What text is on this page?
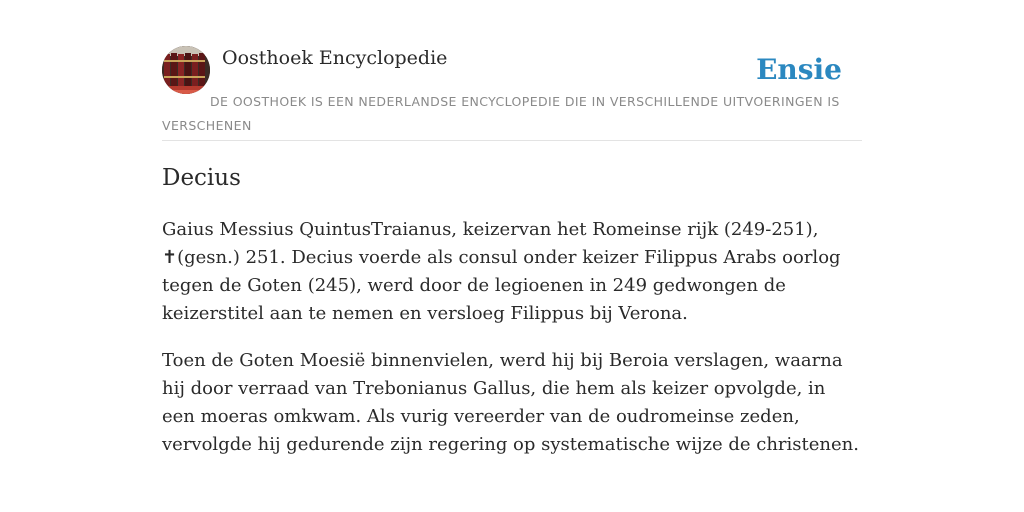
Oosthoek Encyclopedie	Ensie
DE OOSTHOEK IS EEN NEDERLANDSE ENCYCLOPEDIE DIE IN VERSCHILLENDE UITVOERINGEN IS VERSCHENEN
Decius

Gaius Messius QuintusTraianus, keizervan het Romeinse rijk (249-251), ✝(gesn.) 251. Decius voerde als consul onder keizer Filippus Arabs oorlog tegen de Goten (245), werd door de legioenen in 249 gedwongen de keizerstitel aan te nemen en versloeg Filippus bij Verona.

Toen de Goten Moesië binnenvielen, werd hij bij Beroia verslagen, waarna hij door verraad van Trebonianus Gallus, die hem als keizer opvolgde, in een moeras omkwam. Als vurig vereerder van de oudromeinse zeden, vervolgde hij gedurende zijn regering op systematische wijze de christenen.
